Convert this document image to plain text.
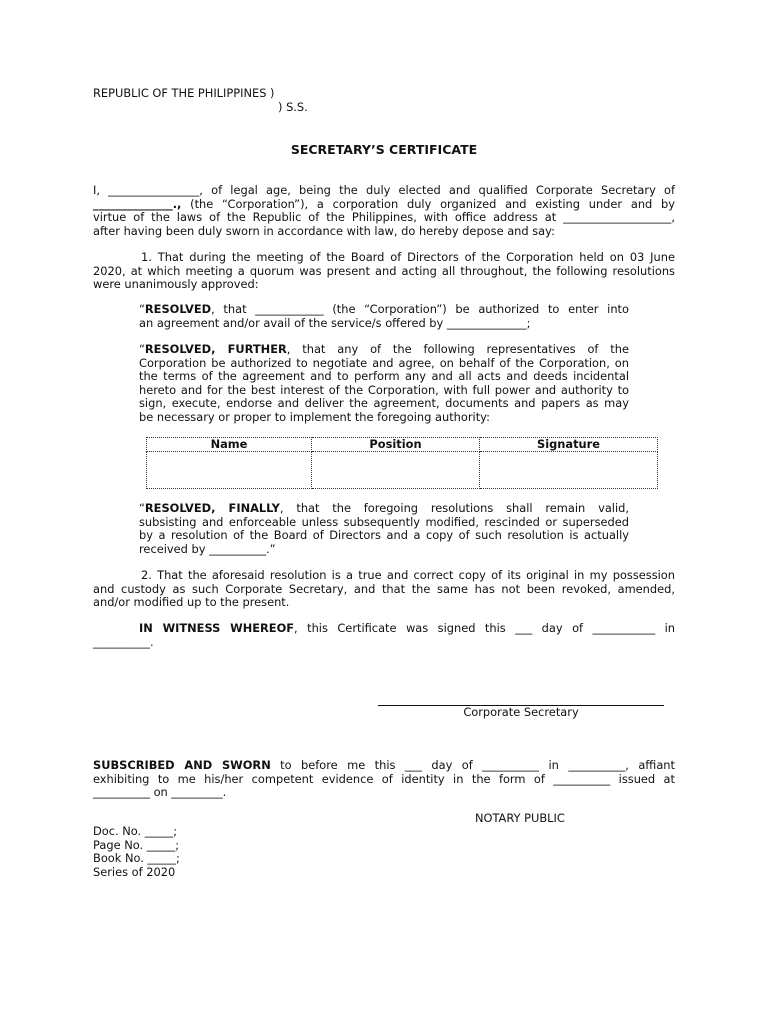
REPUBLIC OF THE PHILIPPINES )
) S.S.
SECRETARY’S CERTIFICATE
I, ________________, of legal age, being the duly elected and qualified Corporate Secretary of
______________., (the “Corporation”), a corporation duly organized and existing under and by
virtue of the laws of the Republic of the Philippines, with office address at ___________________,
after having been duly sworn in accordance with law, do hereby depose and say:
1. That during the meeting of the Board of Directors of the Corporation held on 03 June
2020, at which meeting a quorum was present and acting all throughout, the following resolutions
were unanimously approved:
“RESOLVED, that ____________ (the “Corporation”) be authorized to enter into
an agreement and/or avail of the service/s offered by ______________;
“RESOLVED, FURTHER, that any of the following representatives of the
Corporation be authorized to negotiate and agree, on behalf of the Corporation, on
the terms of the agreement and to perform any and all acts and deeds incidental
hereto and for the best interest of the Corporation, with full power and authority to
sign, execute, endorse and deliver the agreement, documents and papers as may
be necessary or proper to implement the foregoing authority:
Name	Position	Signature

“RESOLVED, FINALLY, that the foregoing resolutions shall remain valid,
subsisting and enforceable unless subsequently modified, rescinded or superseded
by a resolution of the Board of Directors and a copy of such resolution is actually
received by __________.”
2. That the aforesaid resolution is a true and correct copy of its original in my possession
and custody as such Corporate Secretary, and that the same has not been revoked, amended,
and/or modified up to the present.
IN WITNESS WHEREOF, this Certificate was signed this ___ day of ___________ in
__________.
Corporate Secretary
SUBSCRIBED AND SWORN to before me this ___ day of __________ in __________, affiant
exhibiting to me his/her competent evidence of identity in the form of __________ issued at
__________ on _________.
NOTARY PUBLIC
Doc. No. _____;
Page No. _____;
Book No. _____;
Series of 2020
